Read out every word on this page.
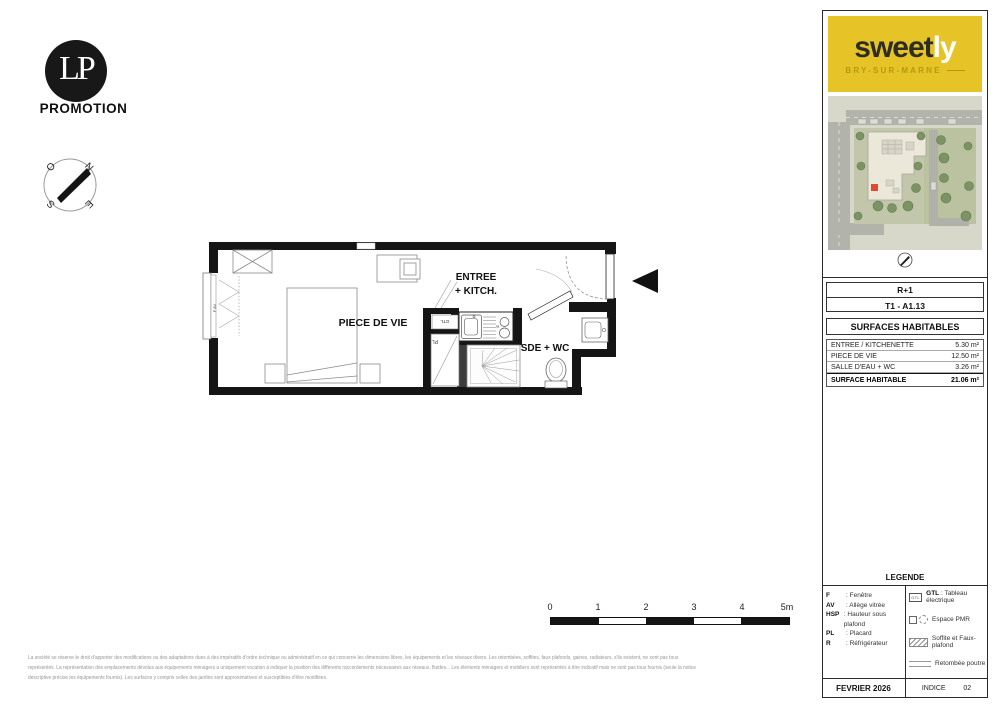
LP
PROMOTION
O N
S E
R
GTL
PL
PIECE DE VIE
ENTREE
+ KITCH.
SDE + WC
F AV
0	1	2	3	4	5m
La société se réserve le droit d'apporter des modifications ou des adaptations dues à des impératifs d'ordre technique ou administratif en ce qui concerne les dimensions libres, les équipements et les réseaux divers. Les retombées, soffites, faux plafonds, gaines, radiateurs, s'ils existent, ne sont pas tous
représentés. La représentation des emplacements dévolus aux équipements ménagers a uniquement vocation à indiquer la position des différents raccordements nécessaires aux réseaux, fluides... Les éléments ménagers et mobiliers sont représentés à titre indicatif mais ne sont pas tous fournis (seule la notice
descriptive précise les équipements fournis). Les surfaces y compris celles des jardins sont approximatives et susceptibles d'être modifiées.
sweetly
BRY-SUR-MARNE
R+1
T1 - A1.13
SURFACES HABITABLES
ENTREE / KITCHENETTE	5.30 m²
PIECE DE VIE	12.50 m²
SALLE D'EAU + WC	3.26 m²
SURFACE HABITABLE	21.06 m²
LEGENDE
F	: Fenêtre
AV	: Allège vitrée
HSP : Hauteur sous plafond
PL	: Placard
R	: Réfrigérateur
GTL GTL : Tableau électrique
Espace PMR
Soffite et Faux-plafond
Retombée poutre
FEVRIER 2026	INDICE	02
